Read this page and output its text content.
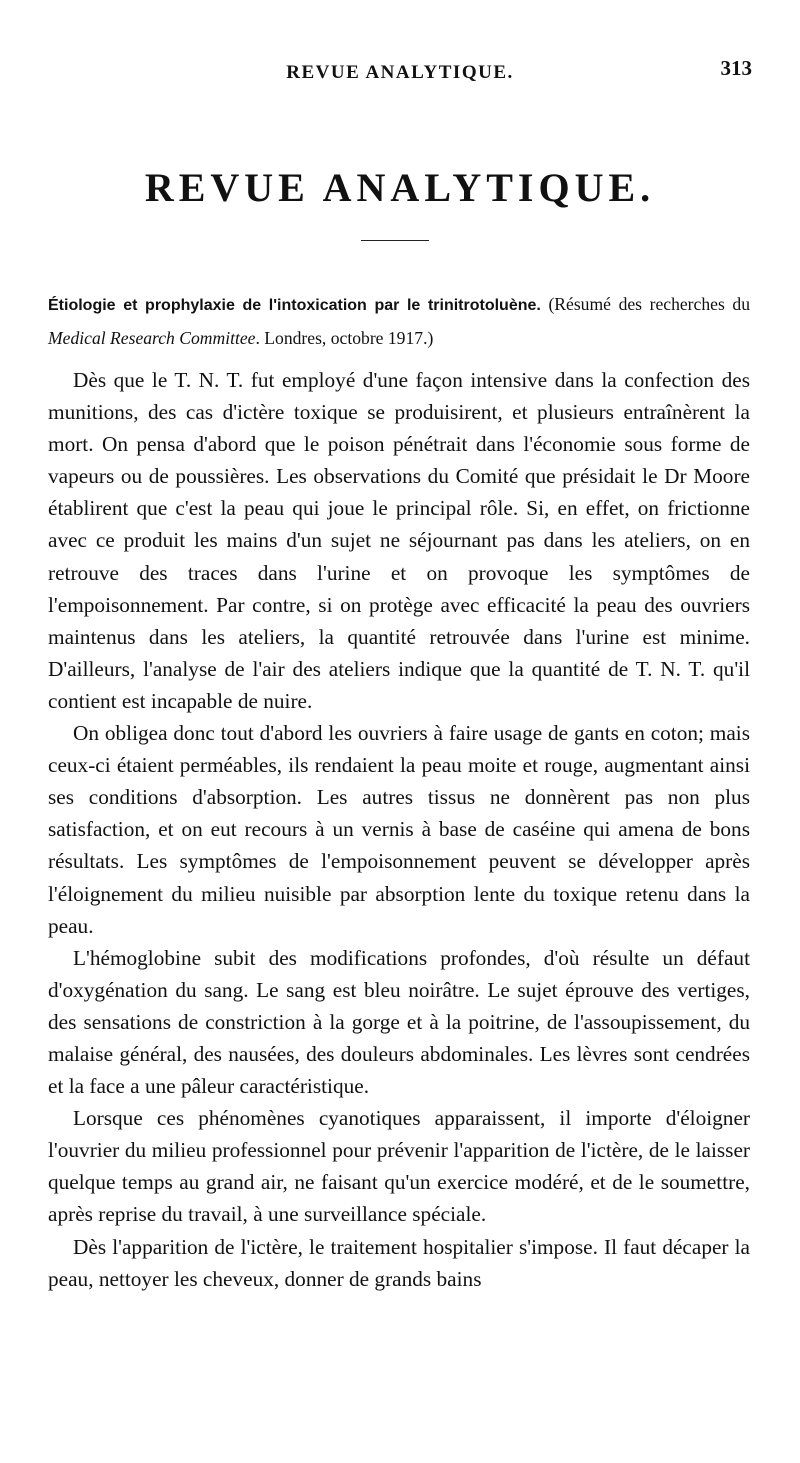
REVUE ANALYTIQUE.	313
REVUE ANALYTIQUE.
Étiologie et prophylaxie de l'intoxication par le trinitrotoluène. (Résumé des recherches du Medical Research Committee. Londres, octobre 1917.)

Dès que le T. N. T. fut employé d'une façon intensive dans la confection des munitions, des cas d'ictère toxique se produisirent, et plusieurs entraînèrent la mort. On pensa d'abord que le poison pénétrait dans l'économie sous forme de vapeurs ou de poussières. Les observations du Comité que présidait le Dr Moore établirent que c'est la peau qui joue le principal rôle. Si, en effet, on frictionne avec ce produit les mains d'un sujet ne séjournant pas dans les ateliers, on en retrouve des traces dans l'urine et on provoque les symptômes de l'empoisonnement. Par contre, si on protège avec efficacité la peau des ouvriers maintenus dans les ateliers, la quantité retrouvée dans l'urine est minime. D'ailleurs, l'analyse de l'air des ateliers indique que la quantité de T. N. T. qu'il contient est incapable de nuire.

On obligea donc tout d'abord les ouvriers à faire usage de gants en coton; mais ceux-ci étaient perméables, ils rendaient la peau moite et rouge, augmentant ainsi ses conditions d'absorption. Les autres tissus ne donnèrent pas non plus satisfaction, et on eut recours à un vernis à base de caséine qui amena de bons résultats. Les symptômes de l'empoisonnement peuvent se développer après l'éloignement du milieu nuisible par absorption lente du toxique retenu dans la peau.

L'hémoglobine subit des modifications profondes, d'où résulte un défaut d'oxygénation du sang. Le sang est bleu noirâtre. Le sujet éprouve des vertiges, des sensations de constriction à la gorge et à la poitrine, de l'assoupissement, du malaise général, des nausées, des douleurs abdominales. Les lèvres sont cendrées et la face a une pâleur caractéristique.

Lorsque ces phénomènes cyanotiques apparaissent, il importe d'éloigner l'ouvrier du milieu professionnel pour prévenir l'apparition de l'ictère, de le laisser quelque temps au grand air, ne faisant qu'un exercice modéré, et de le soumettre, après reprise du travail, à une surveillance spéciale.

Dès l'apparition de l'ictère, le traitement hospitalier s'impose. Il faut décaper la peau, nettoyer les cheveux, donner de grands bains
